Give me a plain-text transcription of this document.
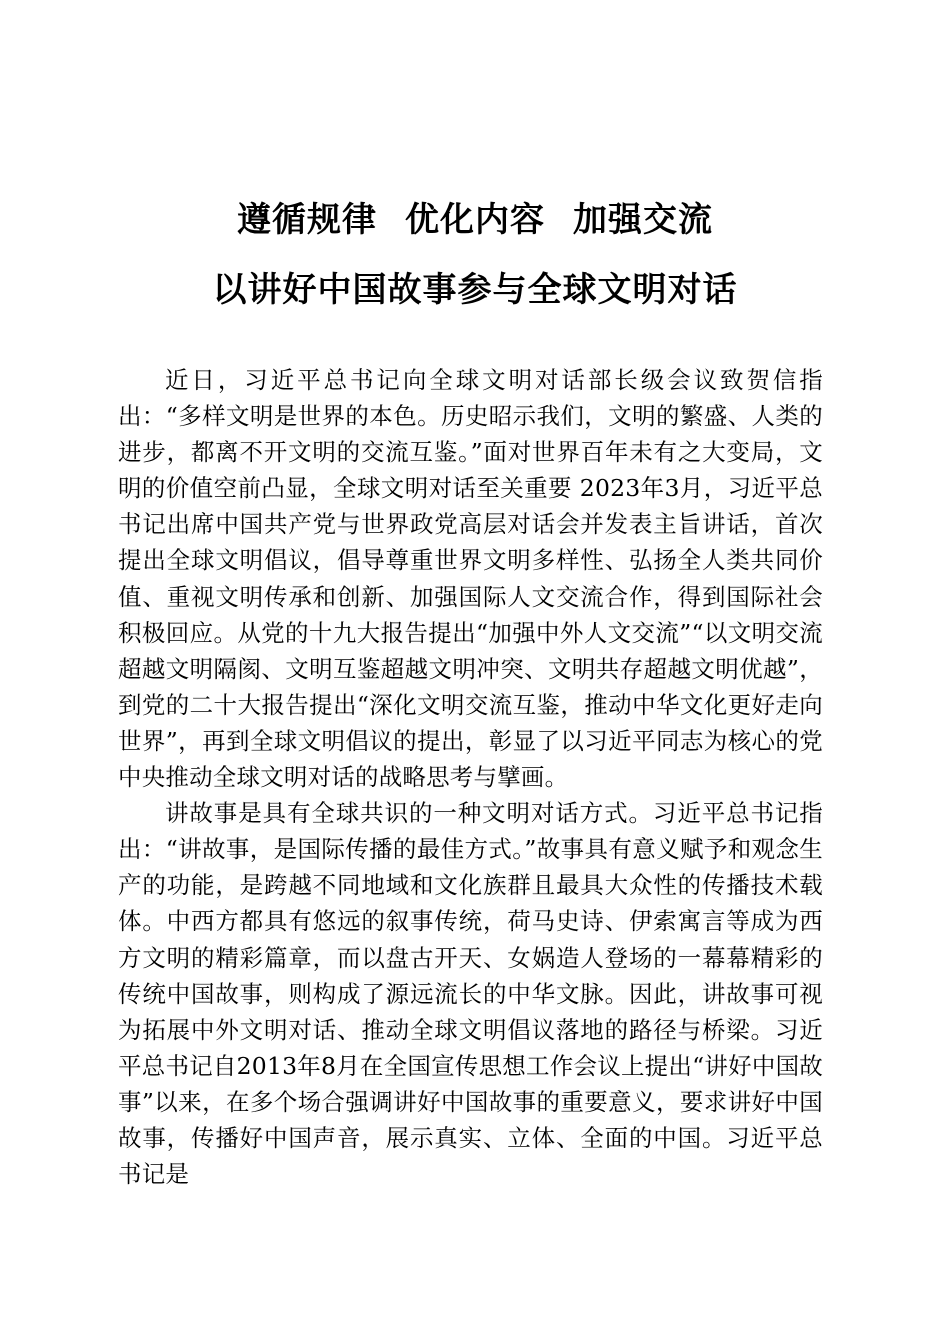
遵循规律 优化内容 加强交流
以讲好中国故事参与全球文明对话

近日，习近平总书记向全球文明对话部长级会议致贺信指出：“多样文明是世界的本色。历史昭示我们，文明的繁盛、人类的进步，都离不开文明的交流互鉴。”面对世界百年未有之大变局，文明的价值空前凸显，全球文明对话至关重要 2023年3月，习近平总书记出席中国共产党与世界政党高层对话会并发表主旨讲话，首次提出全球文明倡议，倡导尊重世界文明多样性、弘扬全人类共同价值、重视文明传承和创新、加强国际人文交流合作，得到国际社会积极回应。从党的十九大报告提出“加强中外人文交流”“以文明交流超越文明隔阂、文明互鉴超越文明冲突、文明共存超越文明优越”，到党的二十大报告提出“深化文明交流互鉴，推动中华文化更好走向世界”，再到全球文明倡议的提出，彰显了以习近平同志为核心的党中央推动全球文明对话的战略思考与擘画。

讲故事是具有全球共识的一种文明对话方式。习近平总书记指出：“讲故事，是国际传播的最佳方式。”故事具有意义赋予和观念生产的功能，是跨越不同地域和文化族群且最具大众性的传播技术载体。中西方都具有悠远的叙事传统，荷马史诗、伊索寓言等成为西方文明的精彩篇章，而以盘古开天、女娲造人登场的一幕幕精彩的传统中国故事，则构成了源远流长的中华文脉。因此，讲故事可视为拓展中外文明对话、推动全球文明倡议落地的路径与桥梁。习近平总书记自2013年8月在全国宣传思想工作会议上提出“讲好中国故事”以来，在多个场合强调讲好中国故事的重要意义，要求讲好中国故事，传播好中国声音，展示真实、立体、全面的中国。习近平总书记是
